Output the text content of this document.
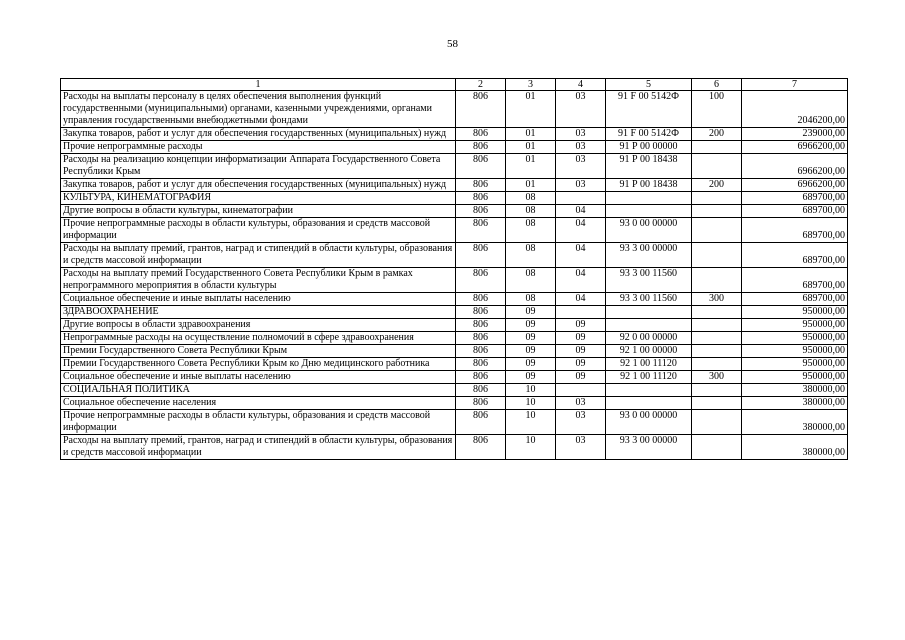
58
1	2	3	4	5	6	7
Расходы на выплаты персоналу в целях обеспечения выполнения функций государственными (муниципальными) органами, казенными учреждениями, органами управления государственными внебюджетными фондами	806	01	03	91 F 00 5142Ф	100	2046200,00
Закупка товаров, работ и услуг для обеспечения государственных (муниципальных) нужд	806	01	03	91 F 00 5142Ф	200	239000,00
Прочие непрограммные расходы	806	01	03	91 Р 00 00000		6966200,00
Расходы на реализацию концепции информатизации Аппарата Государственного Совета Республики Крым	806	01	03	91 Р 00 18438		6966200,00
Закупка товаров, работ и услуг для обеспечения государственных (муниципальных) нужд	806	01	03	91 Р 00 18438	200	6966200,00
КУЛЬТУРА, КИНЕМАТОГРАФИЯ	806	08				689700,00
Другие вопросы в области культуры, кинематографии	806	08	04			689700,00
Прочие непрограммные расходы в области культуры, образования и средств массовой информации	806	08	04	93 0 00 00000		689700,00
Расходы на выплату премий, грантов, наград и стипендий в области культуры, образования и средств массовой информации	806	08	04	93 3 00 00000		689700,00
Расходы на выплату премий Государственного Совета Республики Крым в рамках непрограммного мероприятия в области культуры	806	08	04	93 3 00 11560		689700,00
Социальное обеспечение и иные выплаты населению	806	08	04	93 3 00 11560	300	689700,00
ЗДРАВООХРАНЕНИЕ	806	09				950000,00
Другие вопросы в области здравоохранения	806	09	09			950000,00
Непрограммные расходы на осуществление полномочий в сфере здравоохранения	806	09	09	92 0 00 00000		950000,00
Премии Государственного Совета Республики Крым	806	09	09	92 1 00 00000		950000,00
Премии Государственного Совета Республики Крым ко Дню медицинского работника	806	09	09	92 1 00 11120		950000,00
Социальное обеспечение и иные выплаты населению	806	09	09	92 1 00 11120	300	950000,00
СОЦИАЛЬНАЯ ПОЛИТИКА	806	10				380000,00
Социальное обеспечение населения	806	10	03			380000,00
Прочие непрограммные расходы в области культуры, образования и средств массовой информации	806	10	03	93 0 00 00000		380000,00
Расходы на выплату премий, грантов, наград и стипендий в области культуры, образования и средств массовой информации	806	10	03	93 3 00 00000		380000,00
